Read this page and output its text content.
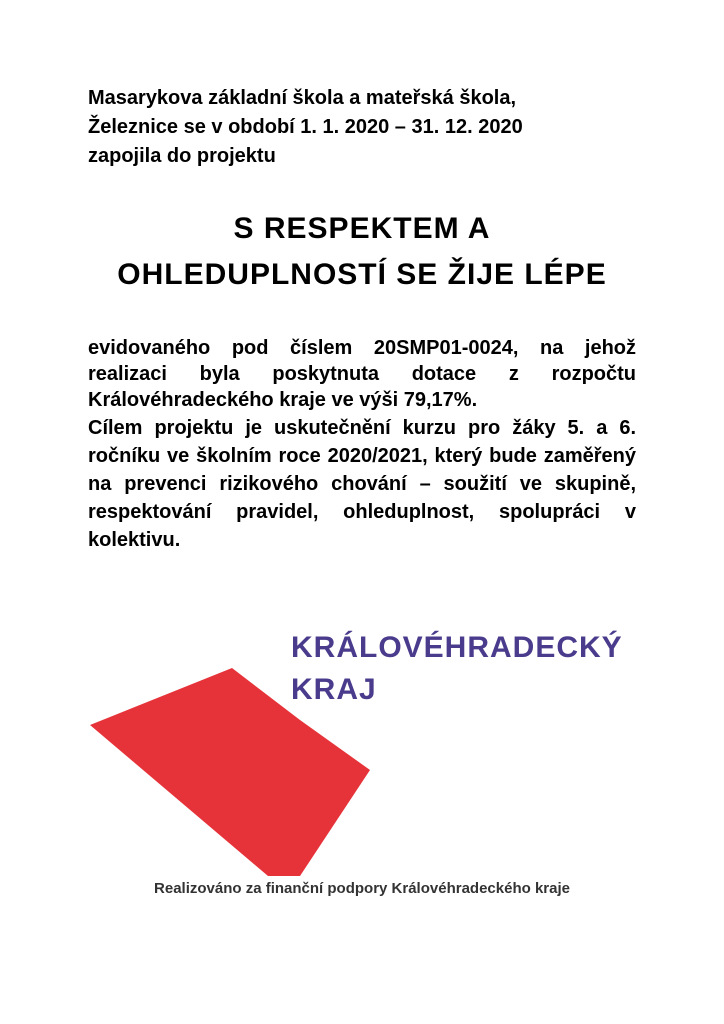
Masarykova základní škola a mateřská škola,
Železnice se v období 1. 1. 2020 – 31. 12. 2020
zapojila do projektu

S RESPEKTEM A
OHLEDUPLNOSTÍ SE ŽIJE LÉPE

evidovaného pod číslem 20SMP01-0024, na jehož realizaci byla poskytnuta dotace z rozpočtu Královéhradeckého kraje ve výši 79,17%.

Cílem projektu je uskutečnění kurzu pro žáky 5. a 6. ročníku ve školním roce 2020/2021, který bude zaměřený na prevenci rizikového chování – soužití ve skupině, respektování pravidel, ohleduplnost, spolupráci v kolektivu.

KRÁLOVÉHRADECKÝ
KRAJ

Realizováno za finanční podpory Královéhradeckého kraje
